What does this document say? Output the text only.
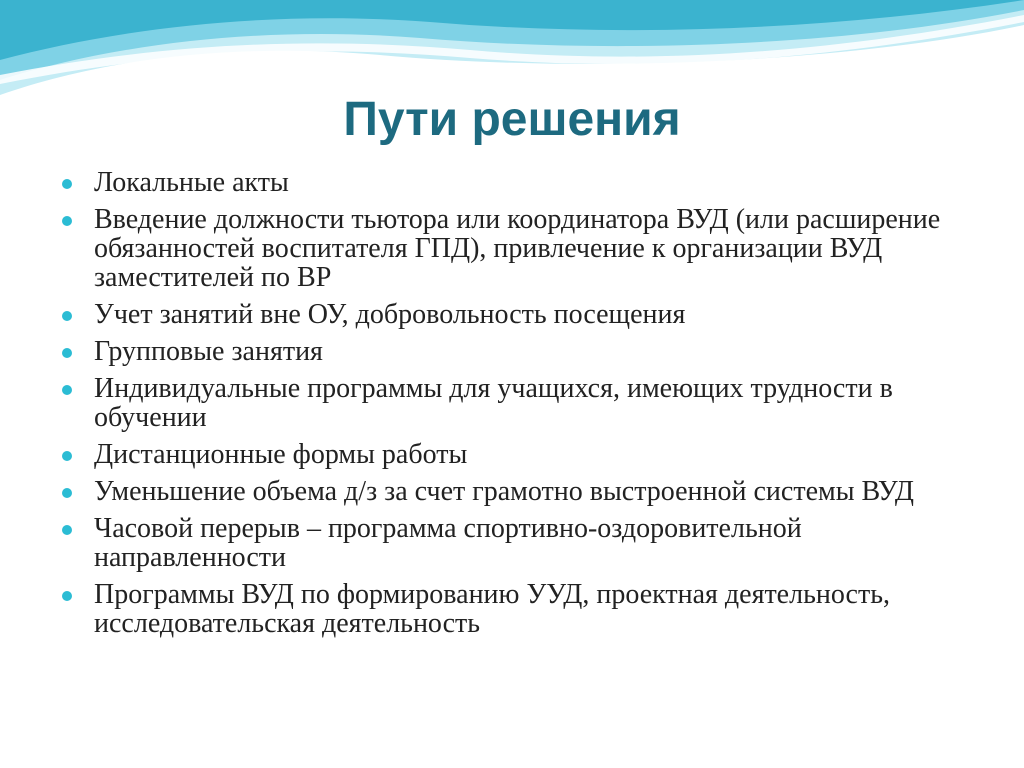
Пути решения
Локальные акты
Введение должности тьютора или координатора ВУД (или расширение обязанностей воспитателя ГПД), привлечение к организации ВУД заместителей по ВР
Учет занятий вне ОУ, добровольность посещения
Групповые занятия
Индивидуальные программы для учащихся, имеющих трудности в обучении
Дистанционные формы работы
Уменьшение объема д/з за счет грамотно выстроенной системы ВУД
Часовой перерыв – программа спортивно-оздоровительной направленности
Программы ВУД по формированию УУД, проектная деятельность, исследовательская деятельность
